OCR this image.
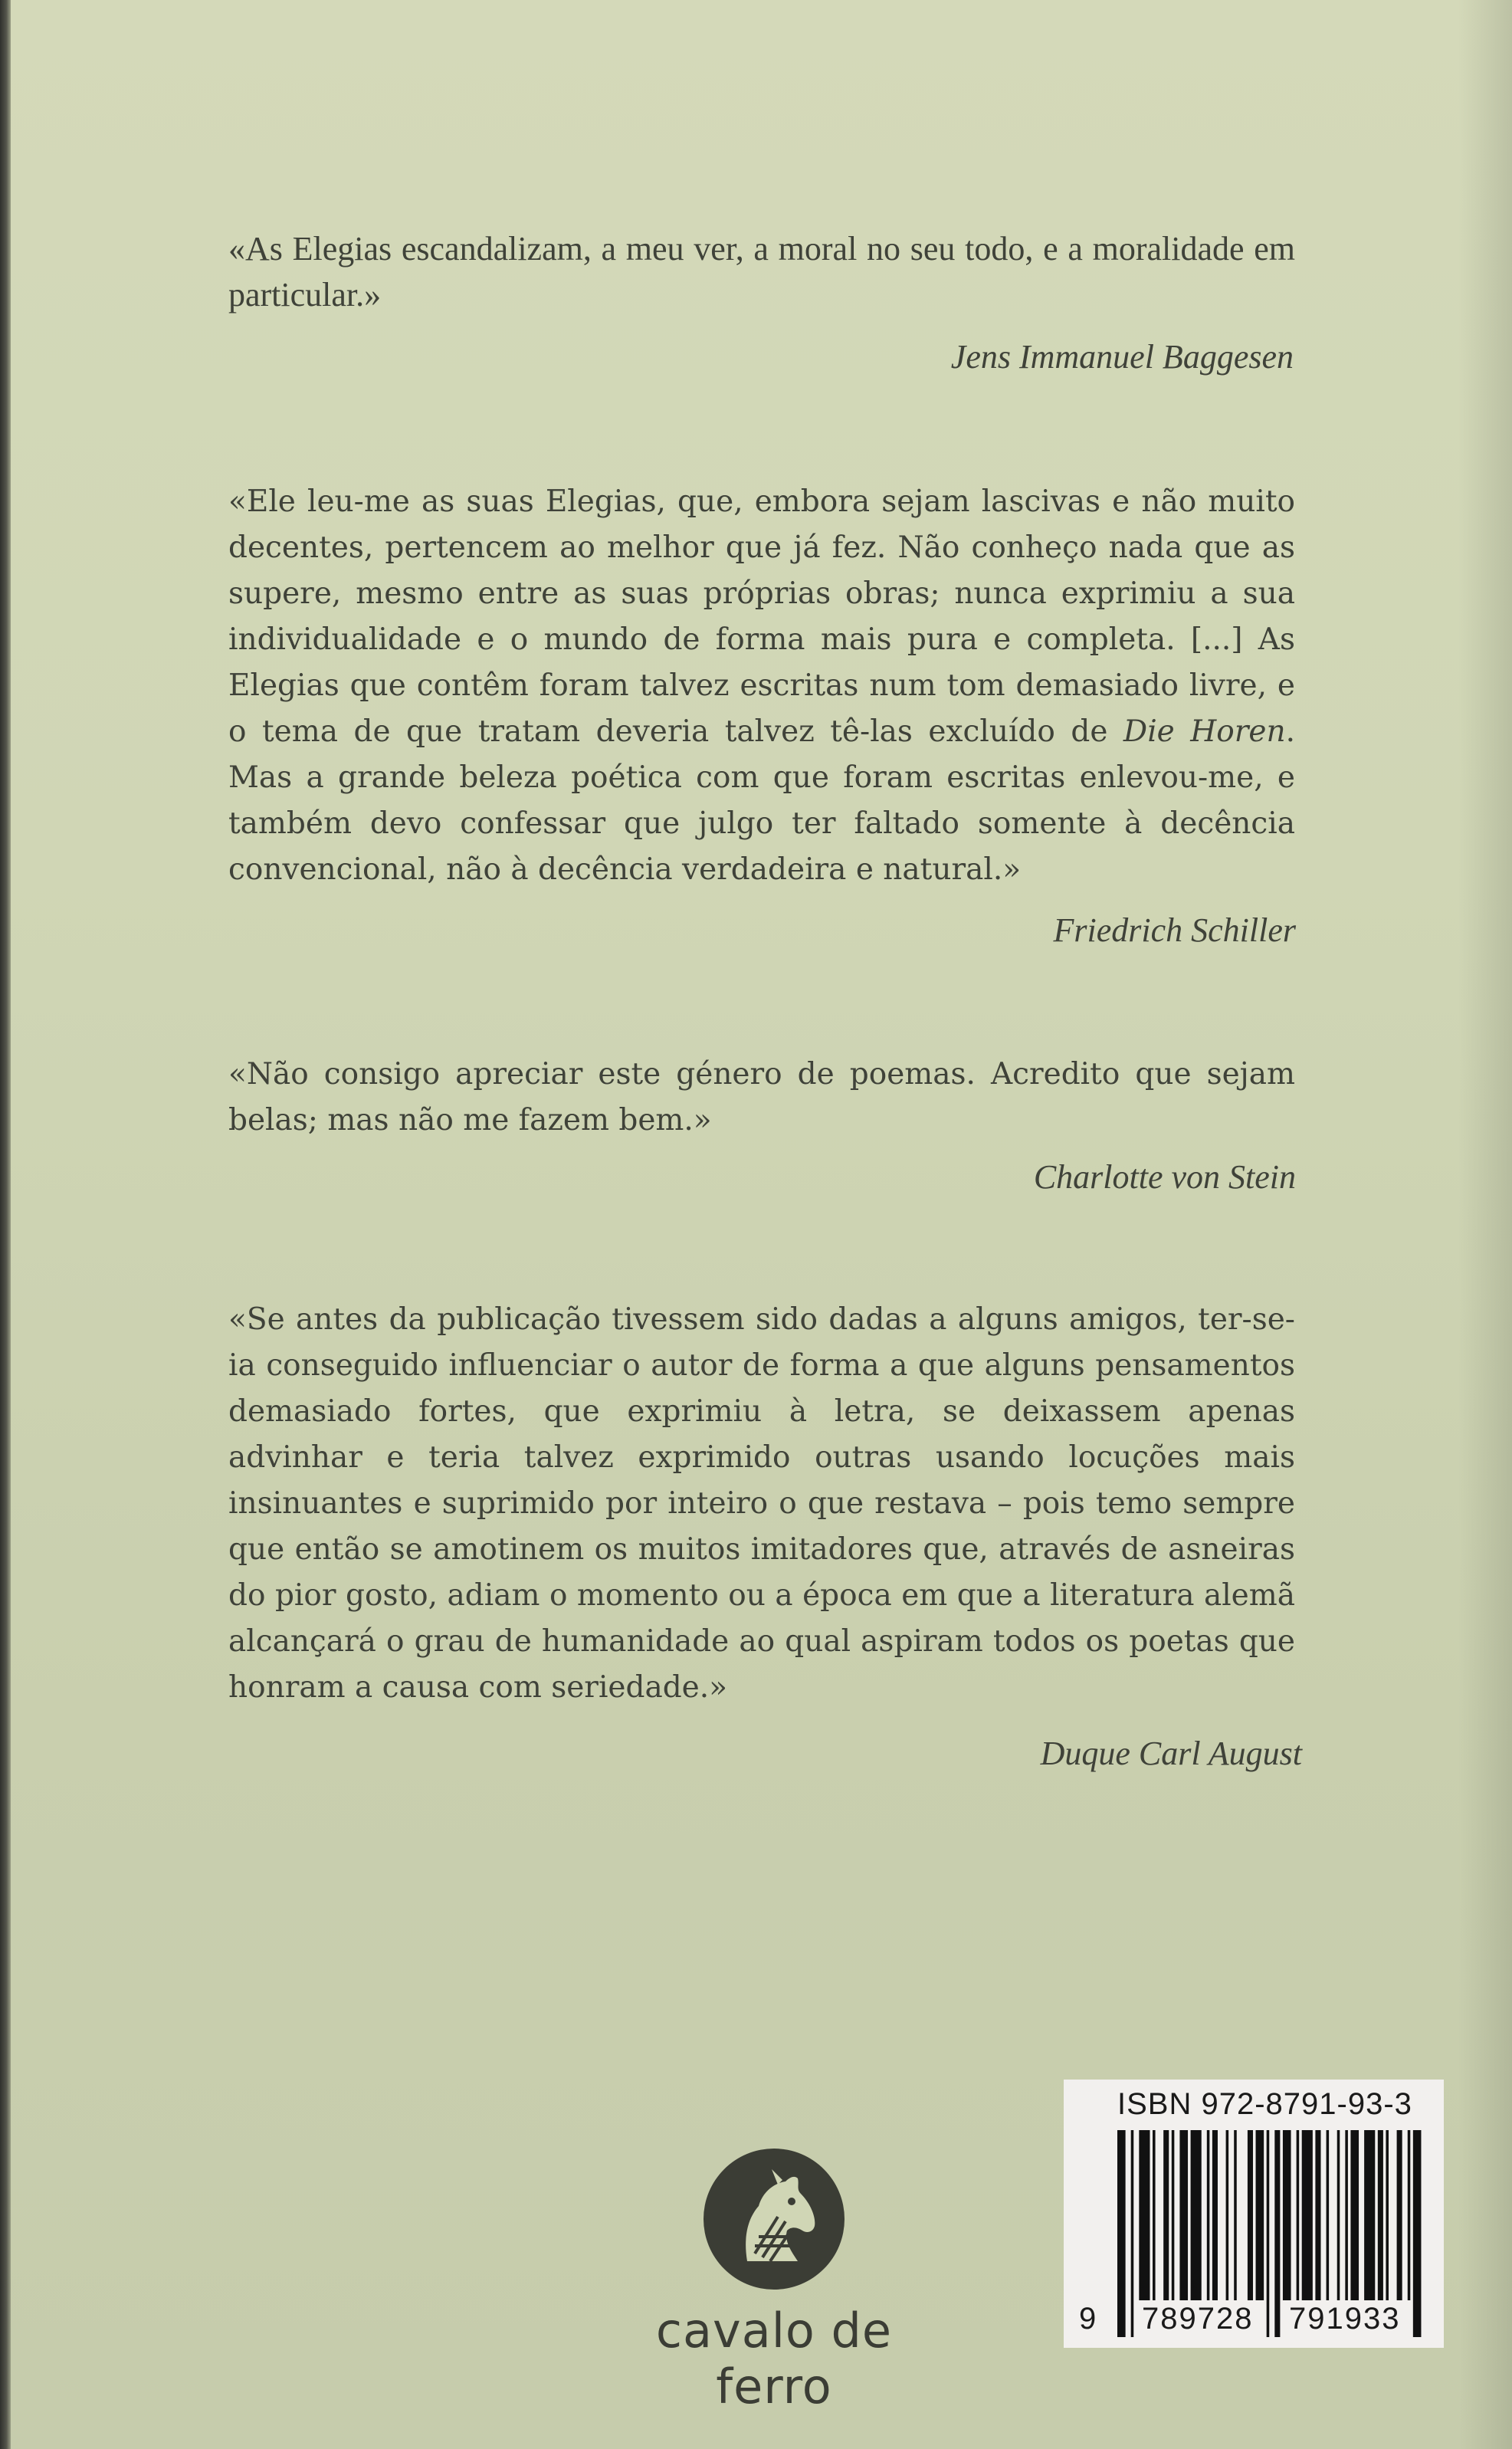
«As Elegias escandalizam, a meu ver, a moral no seu todo, e a moralidade em particular.»

Jens Immanuel Baggesen

«Ele leu-me as suas Elegias, que, embora sejam lascivas e não muito decentes, pertencem ao melhor que já fez. Não conheço nada que as supere, mesmo entre as suas próprias obras; nunca exprimiu a sua individualidade e o mundo de forma mais pura e completa. [...] As Elegias que contêm foram talvez escritas num tom demasiado livre, e o tema de que tratam deveria talvez tê-las excluído de Die Horen. Mas a grande beleza poética com que foram escritas enlevou-me, e também devo confessar que julgo ter faltado somente à decência convencional, não à decência verdadeira e natural.»

Friedrich Schiller

«Não consigo apreciar este género de poemas. Acredito que sejam belas; mas não me fazem bem.»

Charlotte von Stein

«Se antes da publicação tivessem sido dadas a alguns amigos, ter-se-ia conseguido influenciar o autor de forma a que alguns pensamentos demasiado fortes, que exprimiu à letra, se deixassem apenas advinhar e teria talvez exprimido outras usando locuções mais insinuantes e suprimido por inteiro o que restava – pois temo sempre que então se amotinem os muitos imitadores que, através de asneiras do pior gosto, adiam o momento ou a época em que a literatura alemã alcançará o grau de humanidade ao qual aspiram todos os poetas que honram a causa com seriedade.»

Duque Carl August
cavalo de ferro
ISBN 972-8791-93-3
9 789728 791933
